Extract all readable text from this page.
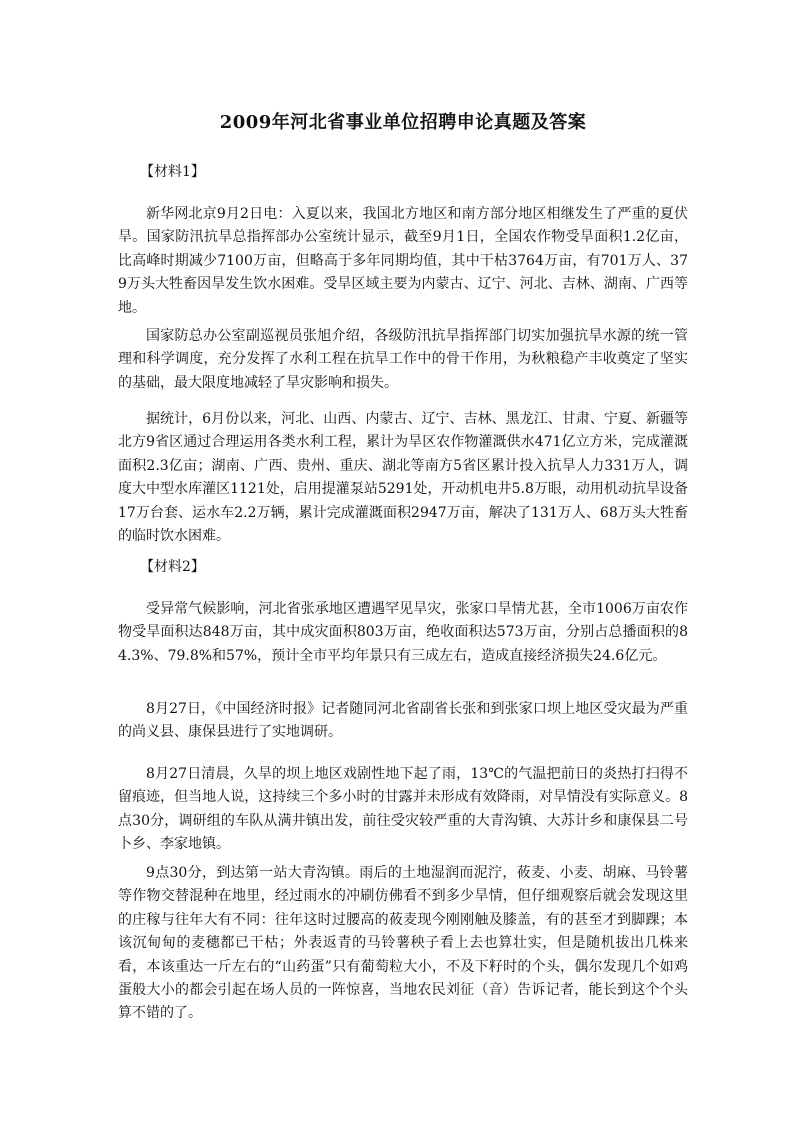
2009年河北省事业单位招聘申论真题及答案

【材料1】

新华网北京9月2日电：入夏以来，我国北方地区和南方部分地区相继发生了严重的夏伏旱。国家防汛抗旱总指挥部办公室统计显示，截至9月1日，全国农作物受旱面积1.2亿亩，比高峰时期减少7100万亩，但略高于多年同期均值，其中干枯3764万亩，有701万人、379万头大牲畜因旱发生饮水困难。受旱区域主要为内蒙古、辽宁、河北、吉林、湖南、广西等地。

国家防总办公室副巡视员张旭介绍，各级防汛抗旱指挥部门切实加强抗旱水源的统一管理和科学调度，充分发挥了水利工程在抗旱工作中的骨干作用，为秋粮稳产丰收奠定了坚实的基础，最大限度地减轻了旱灾影响和损失。

据统计，6月份以来，河北、山西、内蒙古、辽宁、吉林、黑龙江、甘肃、宁夏、新疆等北方9省区通过合理运用各类水利工程，累计为旱区农作物灌溉供水471亿立方米，完成灌溉面积2.3亿亩；湖南、广西、贵州、重庆、湖北等南方5省区累计投入抗旱人力331万人，调度大中型水库灌区1121处，启用提灌泵站5291处，开动机电井5.8万眼，动用机动抗旱设备17万台套、运水车2.2万辆，累计完成灌溉面积2947万亩，解决了131万人、68万头大牲畜的临时饮水困难。

【材料2】

受异常气候影响，河北省张承地区遭遇罕见旱灾，张家口旱情尤甚，全市1006万亩农作物受旱面积达848万亩，其中成灾面积803万亩，绝收面积达573万亩，分别占总播面积的84.3%、79.8%和57%，预计全市平均年景只有三成左右，造成直接经济损失24.6亿元。

8月27日，《中国经济时报》记者随同河北省副省长张和到张家口坝上地区受灾最为严重的尚义县、康保县进行了实地调研。

8月27日清晨，久旱的坝上地区戏剧性地下起了雨，13℃的气温把前日的炎热打扫得不留痕迹，但当地人说，这持续三个多小时的甘露并未形成有效降雨，对旱情没有实际意义。8点30分，调研组的车队从满井镇出发，前往受灾较严重的大青沟镇、大苏计乡和康保县二号卜乡、李家地镇。

9点30分，到达第一站大青沟镇。雨后的土地湿润而泥泞，莜麦、小麦、胡麻、马铃薯等作物交替混种在地里，经过雨水的冲刷仿佛看不到多少旱情，但仔细观察后就会发现这里的庄稼与往年大有不同：往年这时过腰高的莜麦现今刚刚触及膝盖，有的甚至才到脚踝；本该沉甸甸的麦穗都已干枯；外表返青的马铃薯秧子看上去也算壮实，但是随机拔出几株来看，本该重达一斤左右的“山药蛋”只有葡萄粒大小，不及下籽时的个头，偶尔发现几个如鸡蛋般大小的都会引起在场人员的一阵惊喜，当地农民刘征（音）告诉记者，能长到这个个头算不错的了。
